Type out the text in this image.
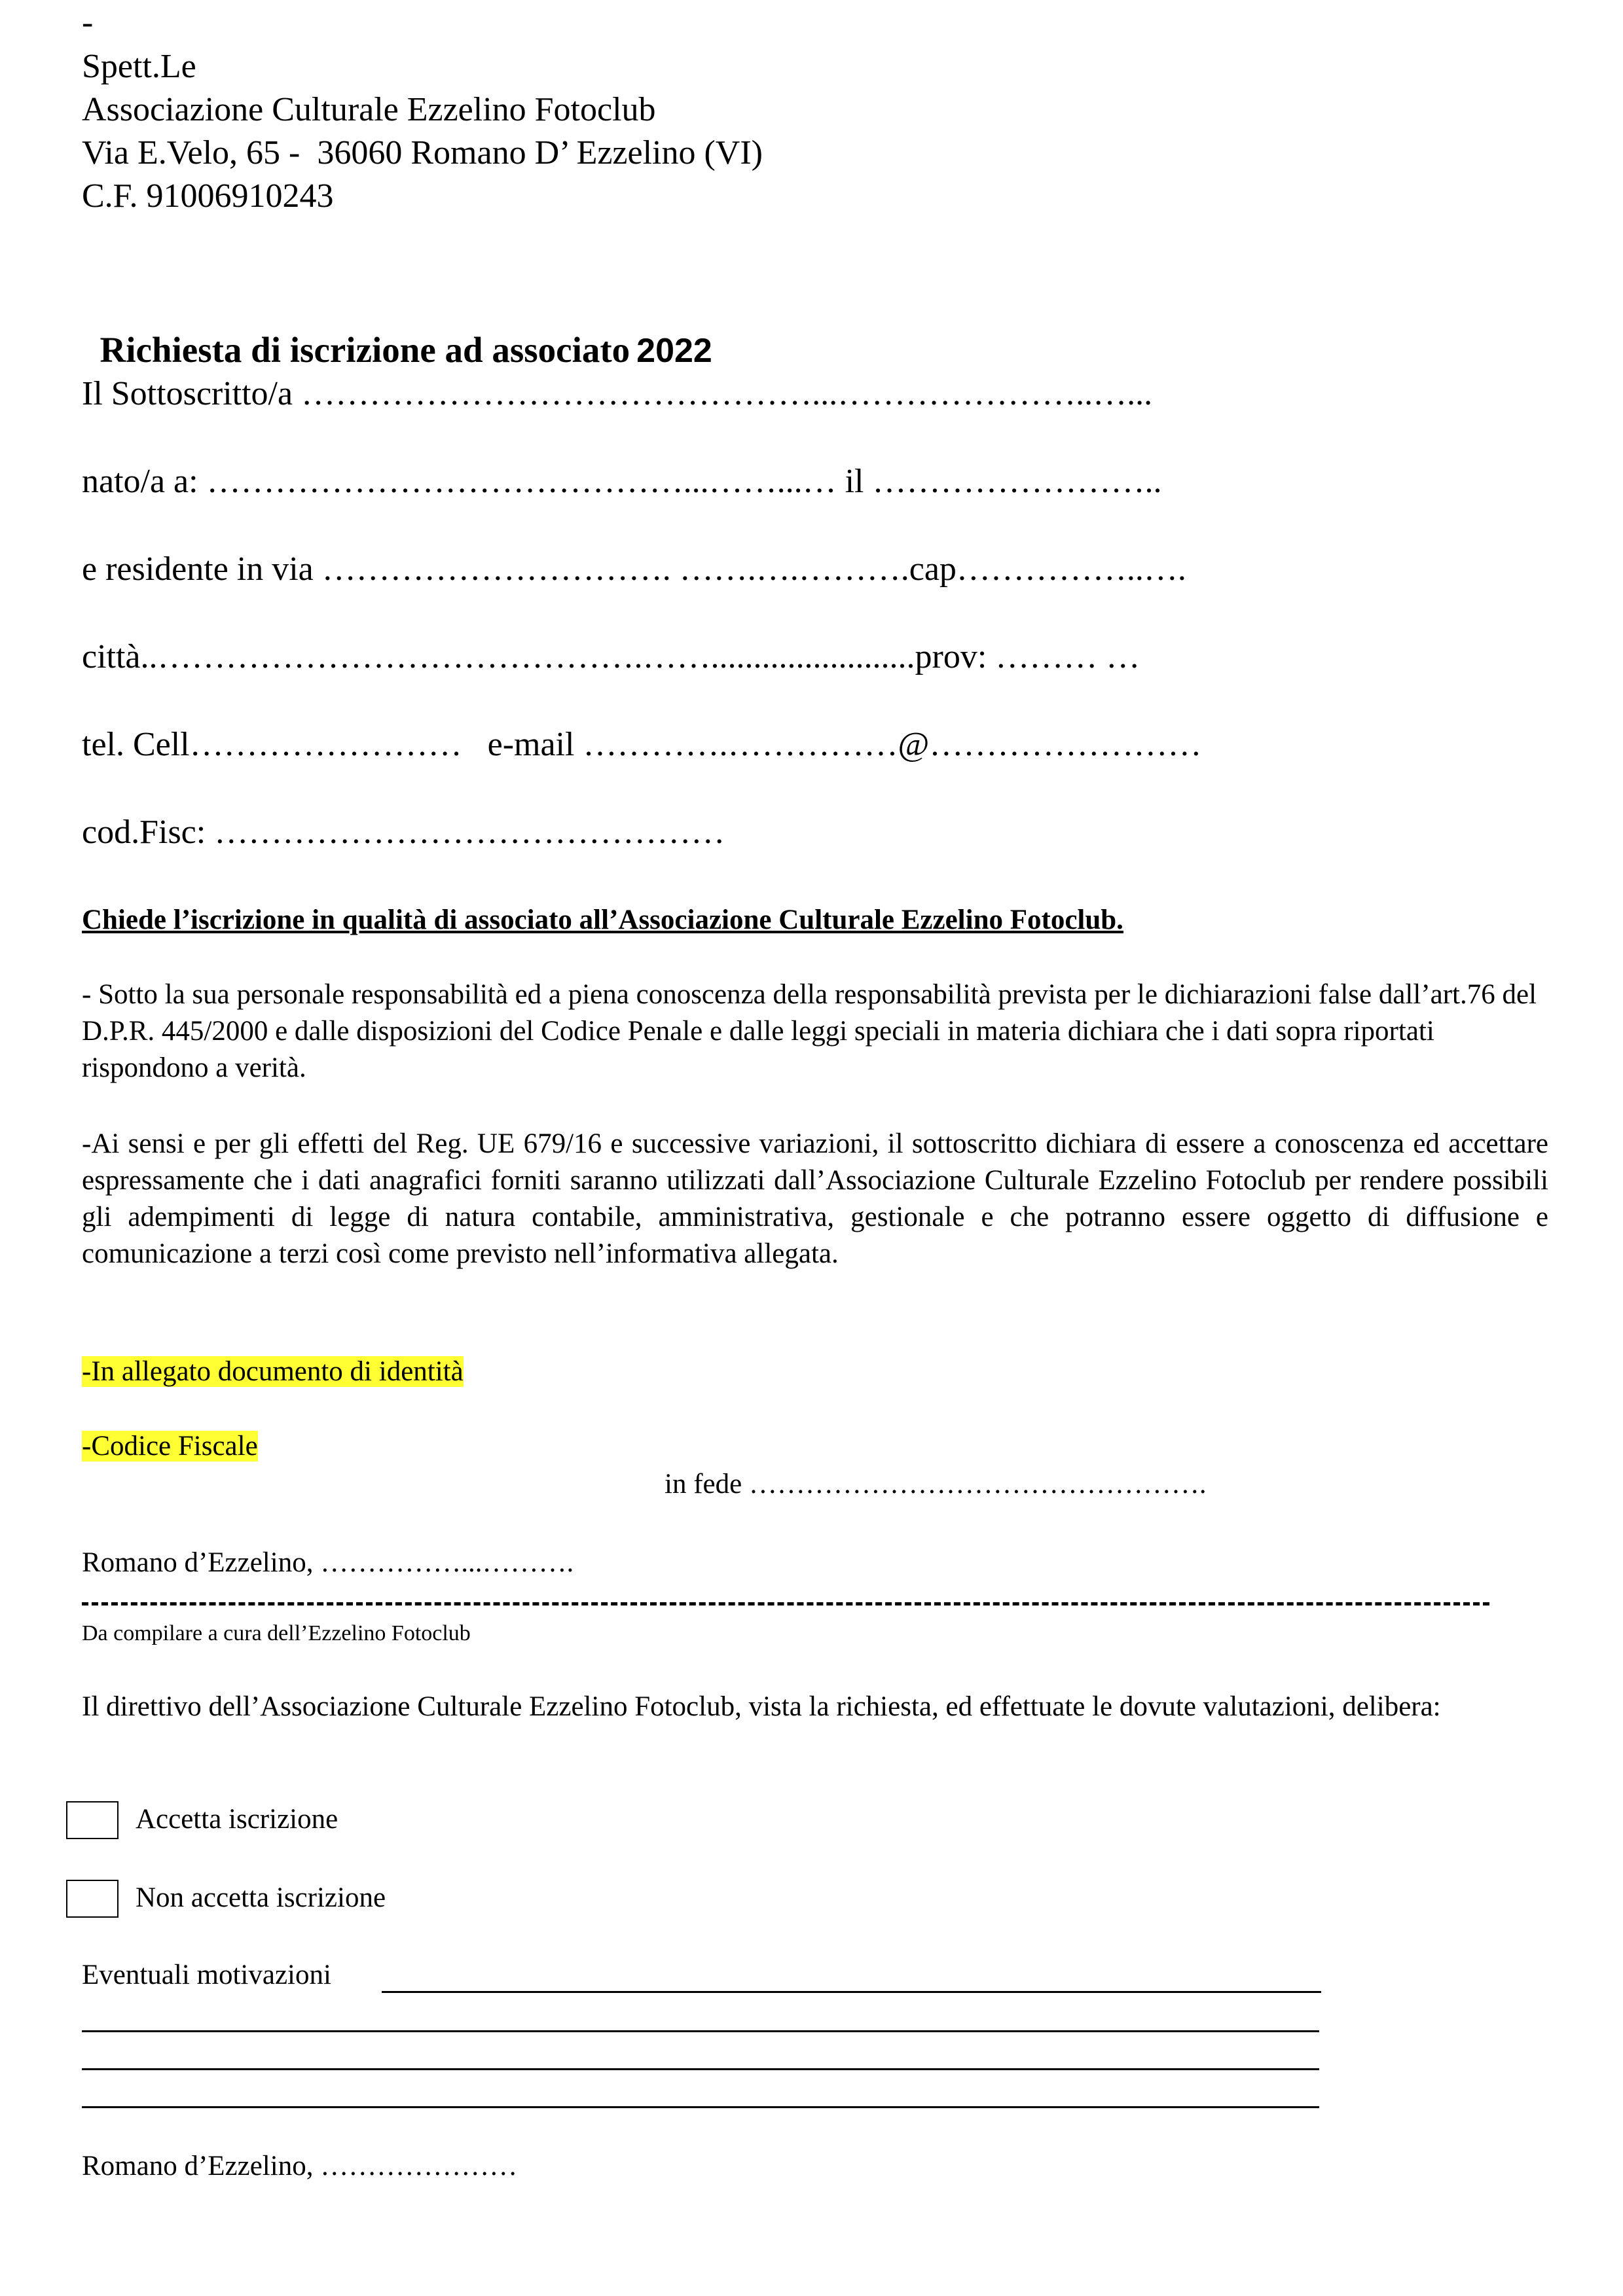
-
Spett.Le
Associazione Culturale Ezzelino Fotoclub
Via E.Velo, 65 -  36060 Romano D’ Ezzelino (VI)
C.F. 91006910243

Richiesta di iscrizione ad associato 2022

Il Sottoscritto/a ………………………………………...…………………..…...
nato/a a: ……………………………………...……...… il ……………………..
e residente in via …………………………. …….….……….cap……………..….
città..…………………………………….……........................prov: ……… …
tel. Cell……………………   e-mail ………….……………@……………………
cod.Fisc: ………………………………………
Chiede l’iscrizione in qualità di associato all’Associazione Culturale Ezzelino Fotoclub.
- Sotto la sua personale responsabilità ed a piena conoscenza della responsabilità prevista per le dichiarazioni false dall’art.76 del D.P.R. 445/2000 e dalle disposizioni del Codice Penale e dalle leggi speciali in materia dichiara che i dati sopra riportati rispondono a verità.
-Ai sensi e per gli effetti del Reg. UE 679/16 e successive variazioni, il sottoscritto dichiara di essere a conoscenza ed accettare espressamente che i dati anagrafici forniti saranno utilizzati dall’Associazione Culturale Ezzelino Fotoclub per rendere possibili gli adempimenti di legge di natura contabile, amministrativa, gestionale e che potranno essere oggetto di diffusione e comunicazione a terzi così come previsto nell’informativa allegata.
-In allegato documento di identità
-Codice Fiscale
in fede ………………………………………….
Romano d’Ezzelino, ……………...……….
Da compilare a cura dell’Ezzelino Fotoclub
Il direttivo dell’Associazione Culturale Ezzelino Fotoclub, vista la richiesta, ed effettuate le dovute valutazioni, delibera:
Accetta iscrizione
Non accetta iscrizione
Eventuali motivazioni
Romano d’Ezzelino, …………………
